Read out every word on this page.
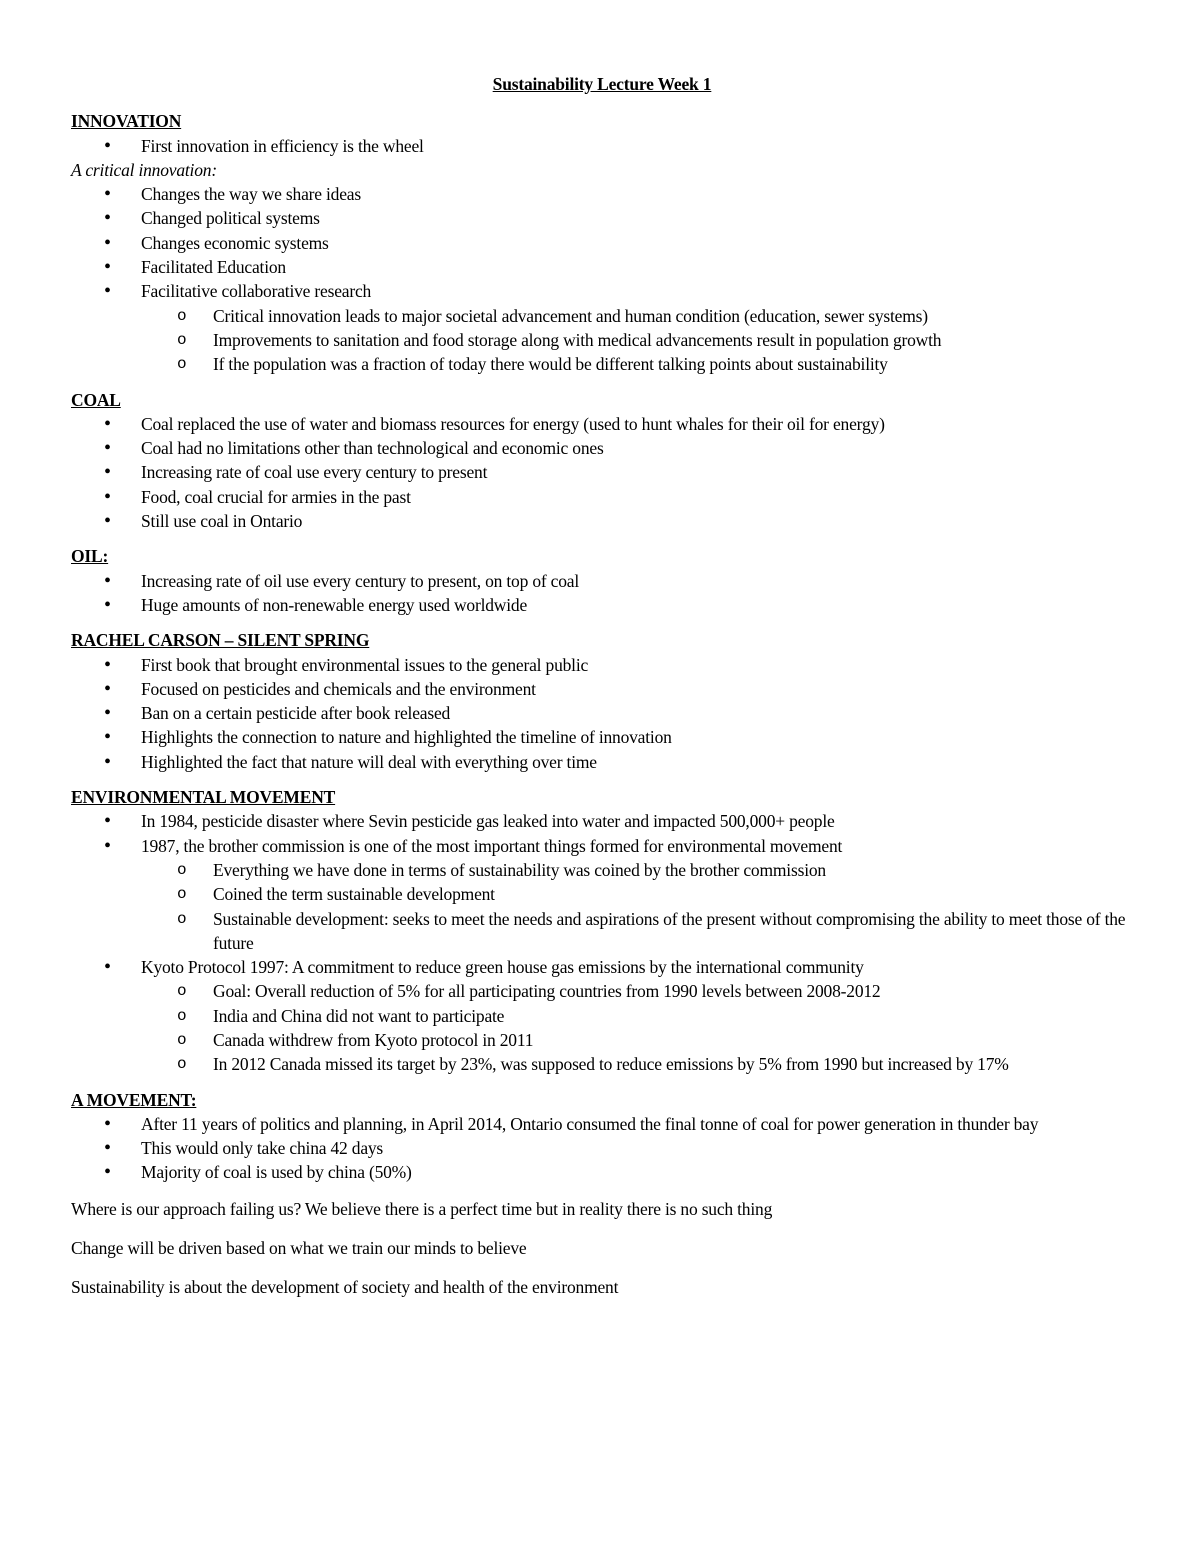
Sustainability Lecture Week 1
INNOVATION
• First innovation in efficiency is the wheel
A critical innovation:
• Changes the way we share ideas
• Changed political systems
• Changes economic systems
• Facilitated Education
• Facilitative collaborative research
o Critical innovation leads to major societal advancement and human condition (education, sewer systems)
o Improvements to sanitation and food storage along with medical advancements result in population growth
o If the population was a fraction of today there would be different talking points about sustainability
COAL
• Coal replaced the use of water and biomass resources for energy (used to hunt whales for their oil for energy)
• Coal had no limitations other than technological and economic ones
• Increasing rate of coal use every century to present
• Food, coal crucial for armies in the past
• Still use coal in Ontario
OIL:
• Increasing rate of oil use every century to present, on top of coal
• Huge amounts of non-renewable energy used worldwide
RACHEL CARSON – SILENT SPRING
• First book that brought environmental issues to the general public
• Focused on pesticides and chemicals and the environment
• Ban on a certain pesticide after book released
• Highlights the connection to nature and highlighted the timeline of innovation
• Highlighted the fact that nature will deal with everything over time
ENVIRONMENTAL MOVEMENT
• In 1984, pesticide disaster where Sevin pesticide gas leaked into water and impacted 500,000+ people
• 1987, the brother commission is one of the most important things formed for environmental movement
o Everything we have done in terms of sustainability was coined by the brother commission
o Coined the term sustainable development
o Sustainable development: seeks to meet the needs and aspirations of the present without compromising the ability to meet those of the future
• Kyoto Protocol 1997: A commitment to reduce green house gas emissions by the international community
o Goal: Overall reduction of 5% for all participating countries from 1990 levels between 2008-2012
o India and China did not want to participate
o Canada withdrew from Kyoto protocol in 2011
o In 2012 Canada missed its target by 23%, was supposed to reduce emissions by 5% from 1990 but increased by 17%
A MOVEMENT:
• After 11 years of politics and planning, in April 2014, Ontario consumed the final tonne of coal for power generation in thunder bay
• This would only take china 42 days
• Majority of coal is used by china (50%)
Where is our approach failing us? We believe there is a perfect time but in reality there is no such thing
Change will be driven based on what we train our minds to believe
Sustainability is about the development of society and health of the environment
